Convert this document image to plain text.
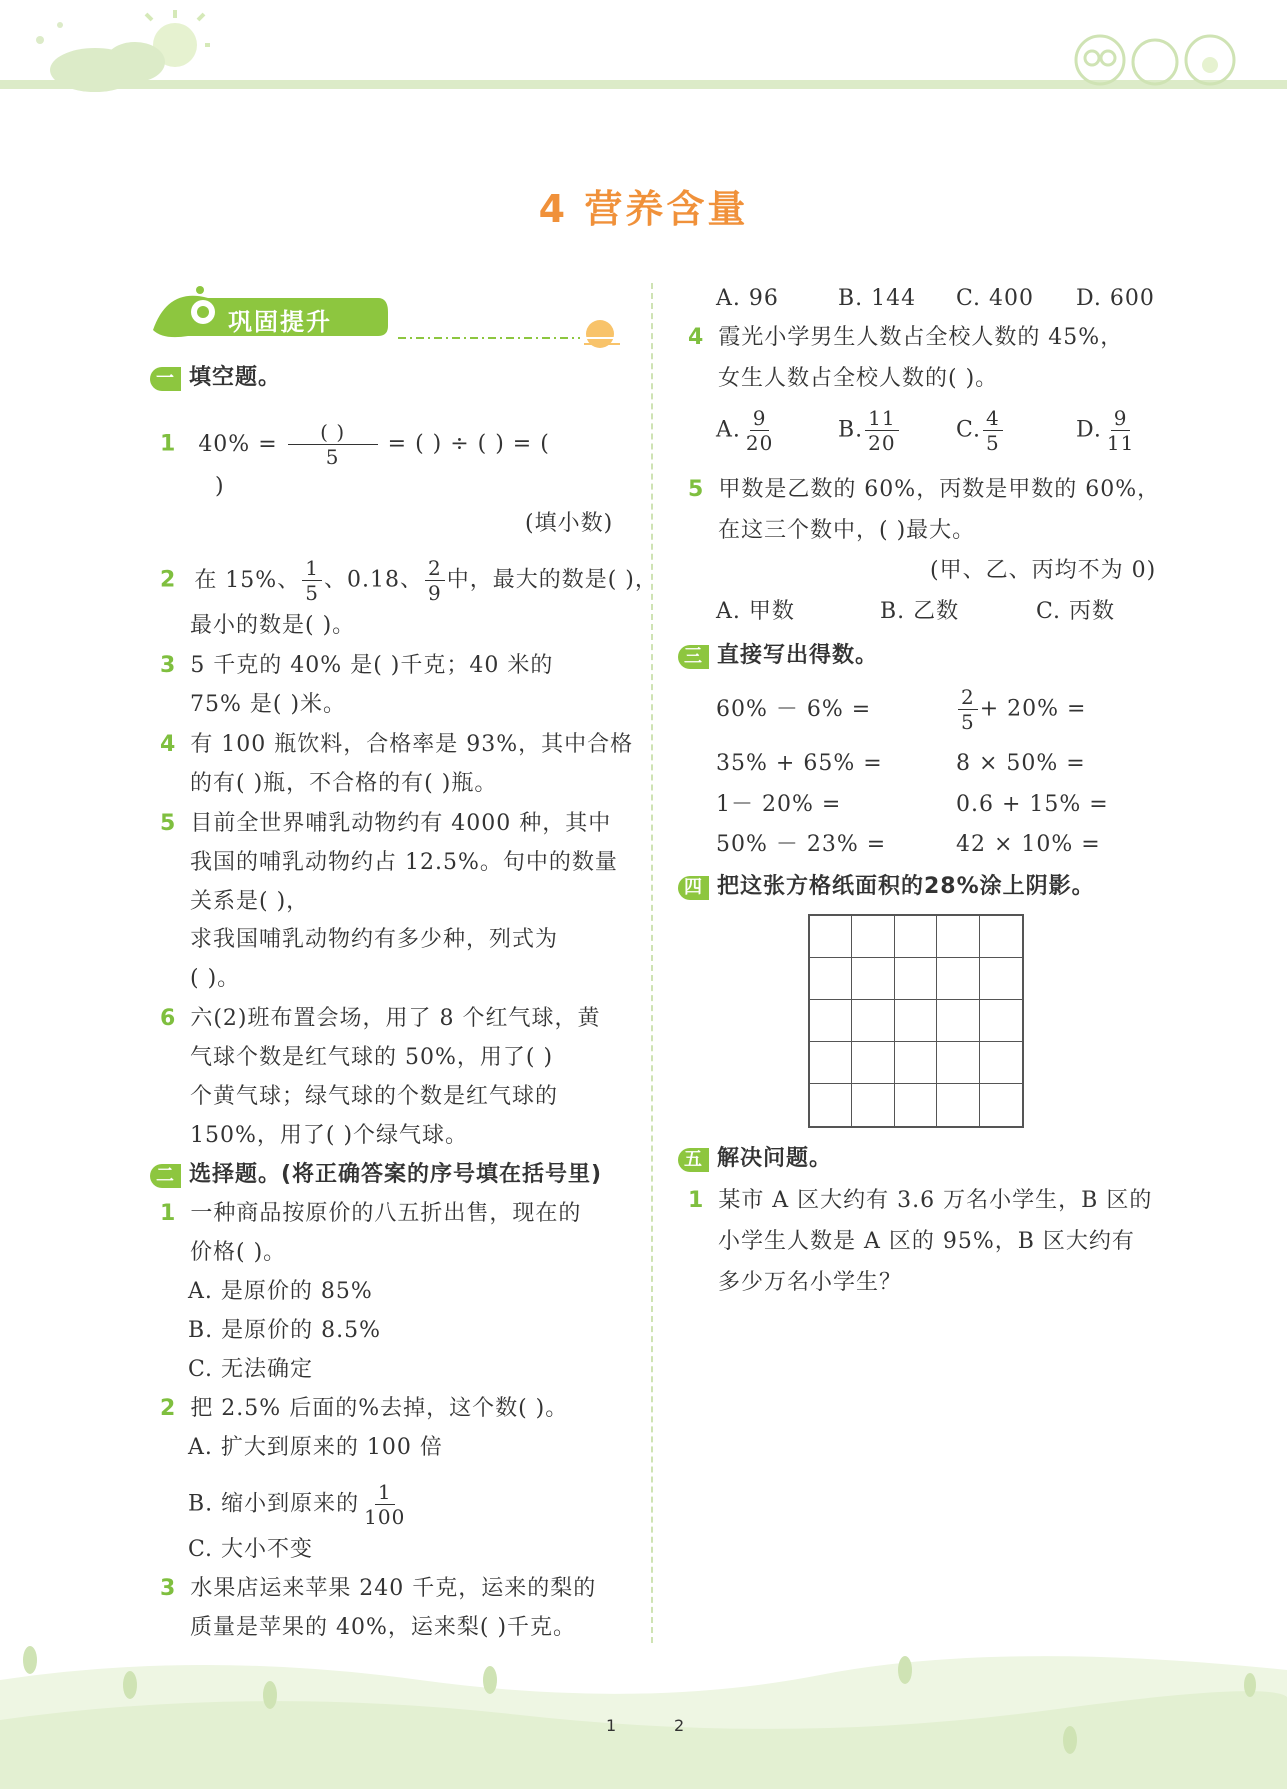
4 营养含量
巩固提升
一 填空题。
1 $40\% = \frac{( )}{5}$ = ( ) ÷ ( ) = (
)
(填小数)
2 在 15%、 $\frac{1}{5}$ 、0.18、 $\frac{2}{9}$ 中，最大的数是( )，
最小的数是( )。
3 5 千克的 40% 是( )千克；40 米的
75% 是( )米。
4 有 100 瓶饮料，合格率是 93%，其中合格
的有( )瓶，不合格的有( )瓶。
5 目前全世界哺乳动物约有 4000 种，其中
我国的哺乳动物约占 12.5%。句中的数量
关系是( )，
求我国哺乳动物约有多少种，列式为
( )。
6 六(2)班布置会场，用了 8 个红气球，黄
气球个数是红气球的 50%，用了( )
个黄气球；绿气球的个数是红气球的
150%，用了( )个绿气球。
二 选择题。(将正确答案的序号填在括号里)
1 一种商品按原价的八五折出售，现在的
价格( )。
A. 是原价的 85%
B. 是原价的 8.5%
C. 无法确定
2 把 2.5% 后面的%去掉，这个数( )。
A. 扩大到原来的 100 倍
B. 缩小到原来的 $\frac{1}{100}$
C. 大小不变
3 水果店运来苹果 240 千克，运来的梨的
质量是苹果的 40%，运来梨( )千克。
A. 96	B. 144 C. 400 D. 600
4 霞光小学男生人数占全校人数的 45%，
女生人数占全校人数的( )。
A. $\frac{9}{20}$	B. $\frac{11}{20}$	C. $\frac{4}{5}$	D. $\frac{9}{11}$
5 甲数是乙数的 60%，丙数是甲数的 60%，
在这三个数中，( )最大。
(甲、乙、丙均不为 0)
A. 甲数	B. 乙数	C. 丙数
三 直接写出得数。
60% － 6% =	$\frac{2}{5} + 20\%$ =
35% + 65% =	8 × 50% =
1－ 20% =	0.6 + 15% =
50% － 23% =	42 × 10% =
四 把这张方格纸面积的28%涂上阴影。
五 解决问题。
1 某市 A 区大约有 3.6 万名小学生，B 区的
小学生人数是 A 区的 95%，B 区大约有
多少万名小学生？
1	2
